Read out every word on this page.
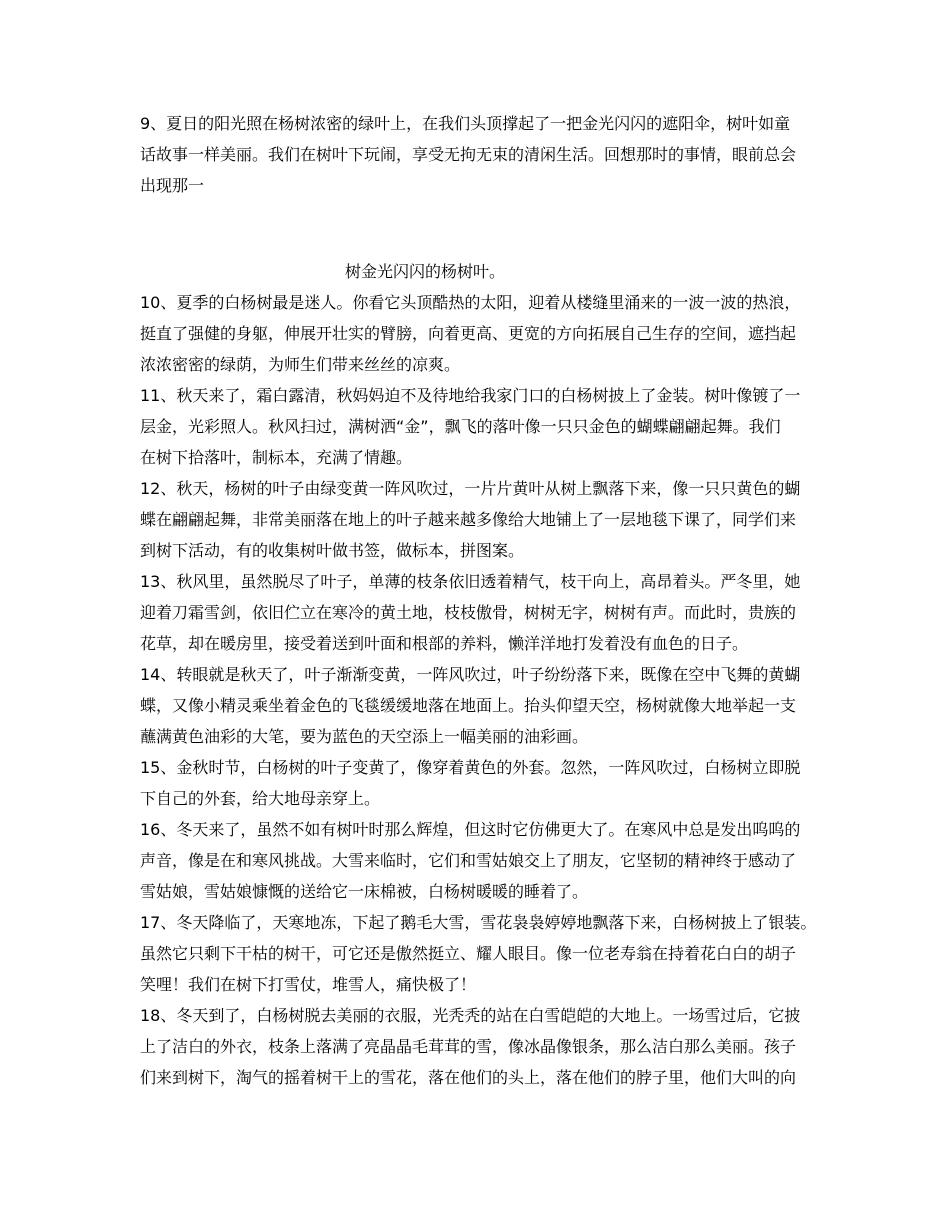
9、夏日的阳光照在杨树浓密的绿叶上，在我们头顶撑起了一把金光闪闪的遮阳伞，树叶如童
话故事一样美丽。我们在树叶下玩闹，享受无拘无束的清闲生活。回想那时的事情，眼前总会
出现那一
树金光闪闪的杨树叶。
10、夏季的白杨树最是迷人。你看它头顶酷热的太阳，迎着从楼缝里涌来的一波一波的热浪，
挺直了强健的身躯，伸展开壮实的臂膀，向着更高、更宽的方向拓展自己生存的空间，遮挡起
浓浓密密的绿荫，为师生们带来丝丝的凉爽。
11、秋天来了，霜白露清，秋妈妈迫不及待地给我家门口的白杨树披上了金装。树叶像镀了一
层金，光彩照人。秋风扫过，满树洒“金”，飘飞的落叶像一只只金色的蝴蝶翩翩起舞。我们
在树下拾落叶，制标本，充满了情趣。
12、秋天，杨树的叶子由绿变黄一阵风吹过，一片片黄叶从树上飘落下来，像一只只黄色的蝴
蝶在翩翩起舞，非常美丽落在地上的叶子越来越多像给大地铺上了一层地毯下课了，同学们来
到树下活动，有的收集树叶做书签，做标本，拼图案。
13、秋风里，虽然脱尽了叶子，单薄的枝条依旧透着精气，枝干向上，高昂着头。严冬里，她
迎着刀霜雪剑，依旧伫立在寒冷的黄土地，枝枝傲骨，树树无字，树树有声。而此时，贵族的
花草，却在暖房里，接受着送到叶面和根部的养料，懒洋洋地打发着没有血色的日子。
14、转眼就是秋天了，叶子渐渐变黄，一阵风吹过，叶子纷纷落下来，既像在空中飞舞的黄蝴
蝶，又像小精灵乘坐着金色的飞毯缓缓地落在地面上。抬头仰望天空，杨树就像大地举起一支
蘸满黄色油彩的大笔，要为蓝色的天空添上一幅美丽的油彩画。
15、金秋时节，白杨树的叶子变黄了，像穿着黄色的外套。忽然，一阵风吹过，白杨树立即脱
下自己的外套，给大地母亲穿上。
16、冬天来了，虽然不如有树叶时那么辉煌，但这时它仿佛更大了。在寒风中总是发出呜呜的
声音，像是在和寒风挑战。大雪来临时，它们和雪姑娘交上了朋友，它坚韧的精神终于感动了
雪姑娘，雪姑娘慷慨的送给它一床棉被，白杨树暖暖的睡着了。
17、冬天降临了，天寒地冻，下起了鹅毛大雪，雪花袅袅婷婷地飘落下来，白杨树披上了银装。
虽然它只剩下干枯的树干，可它还是傲然挺立、耀人眼目。像一位老寿翁在持着花白白的胡子
笑哩！我们在树下打雪仗，堆雪人，痛快极了！
18、冬天到了，白杨树脱去美丽的衣服，光秃秃的站在白雪皑皑的大地上。一场雪过后，它披
上了洁白的外衣，枝条上落满了亮晶晶毛茸茸的雪，像冰晶像银条，那么洁白那么美丽。孩子
们来到树下，淘气的摇着树干上的雪花，落在他们的头上，落在他们的脖子里，他们大叫的向
